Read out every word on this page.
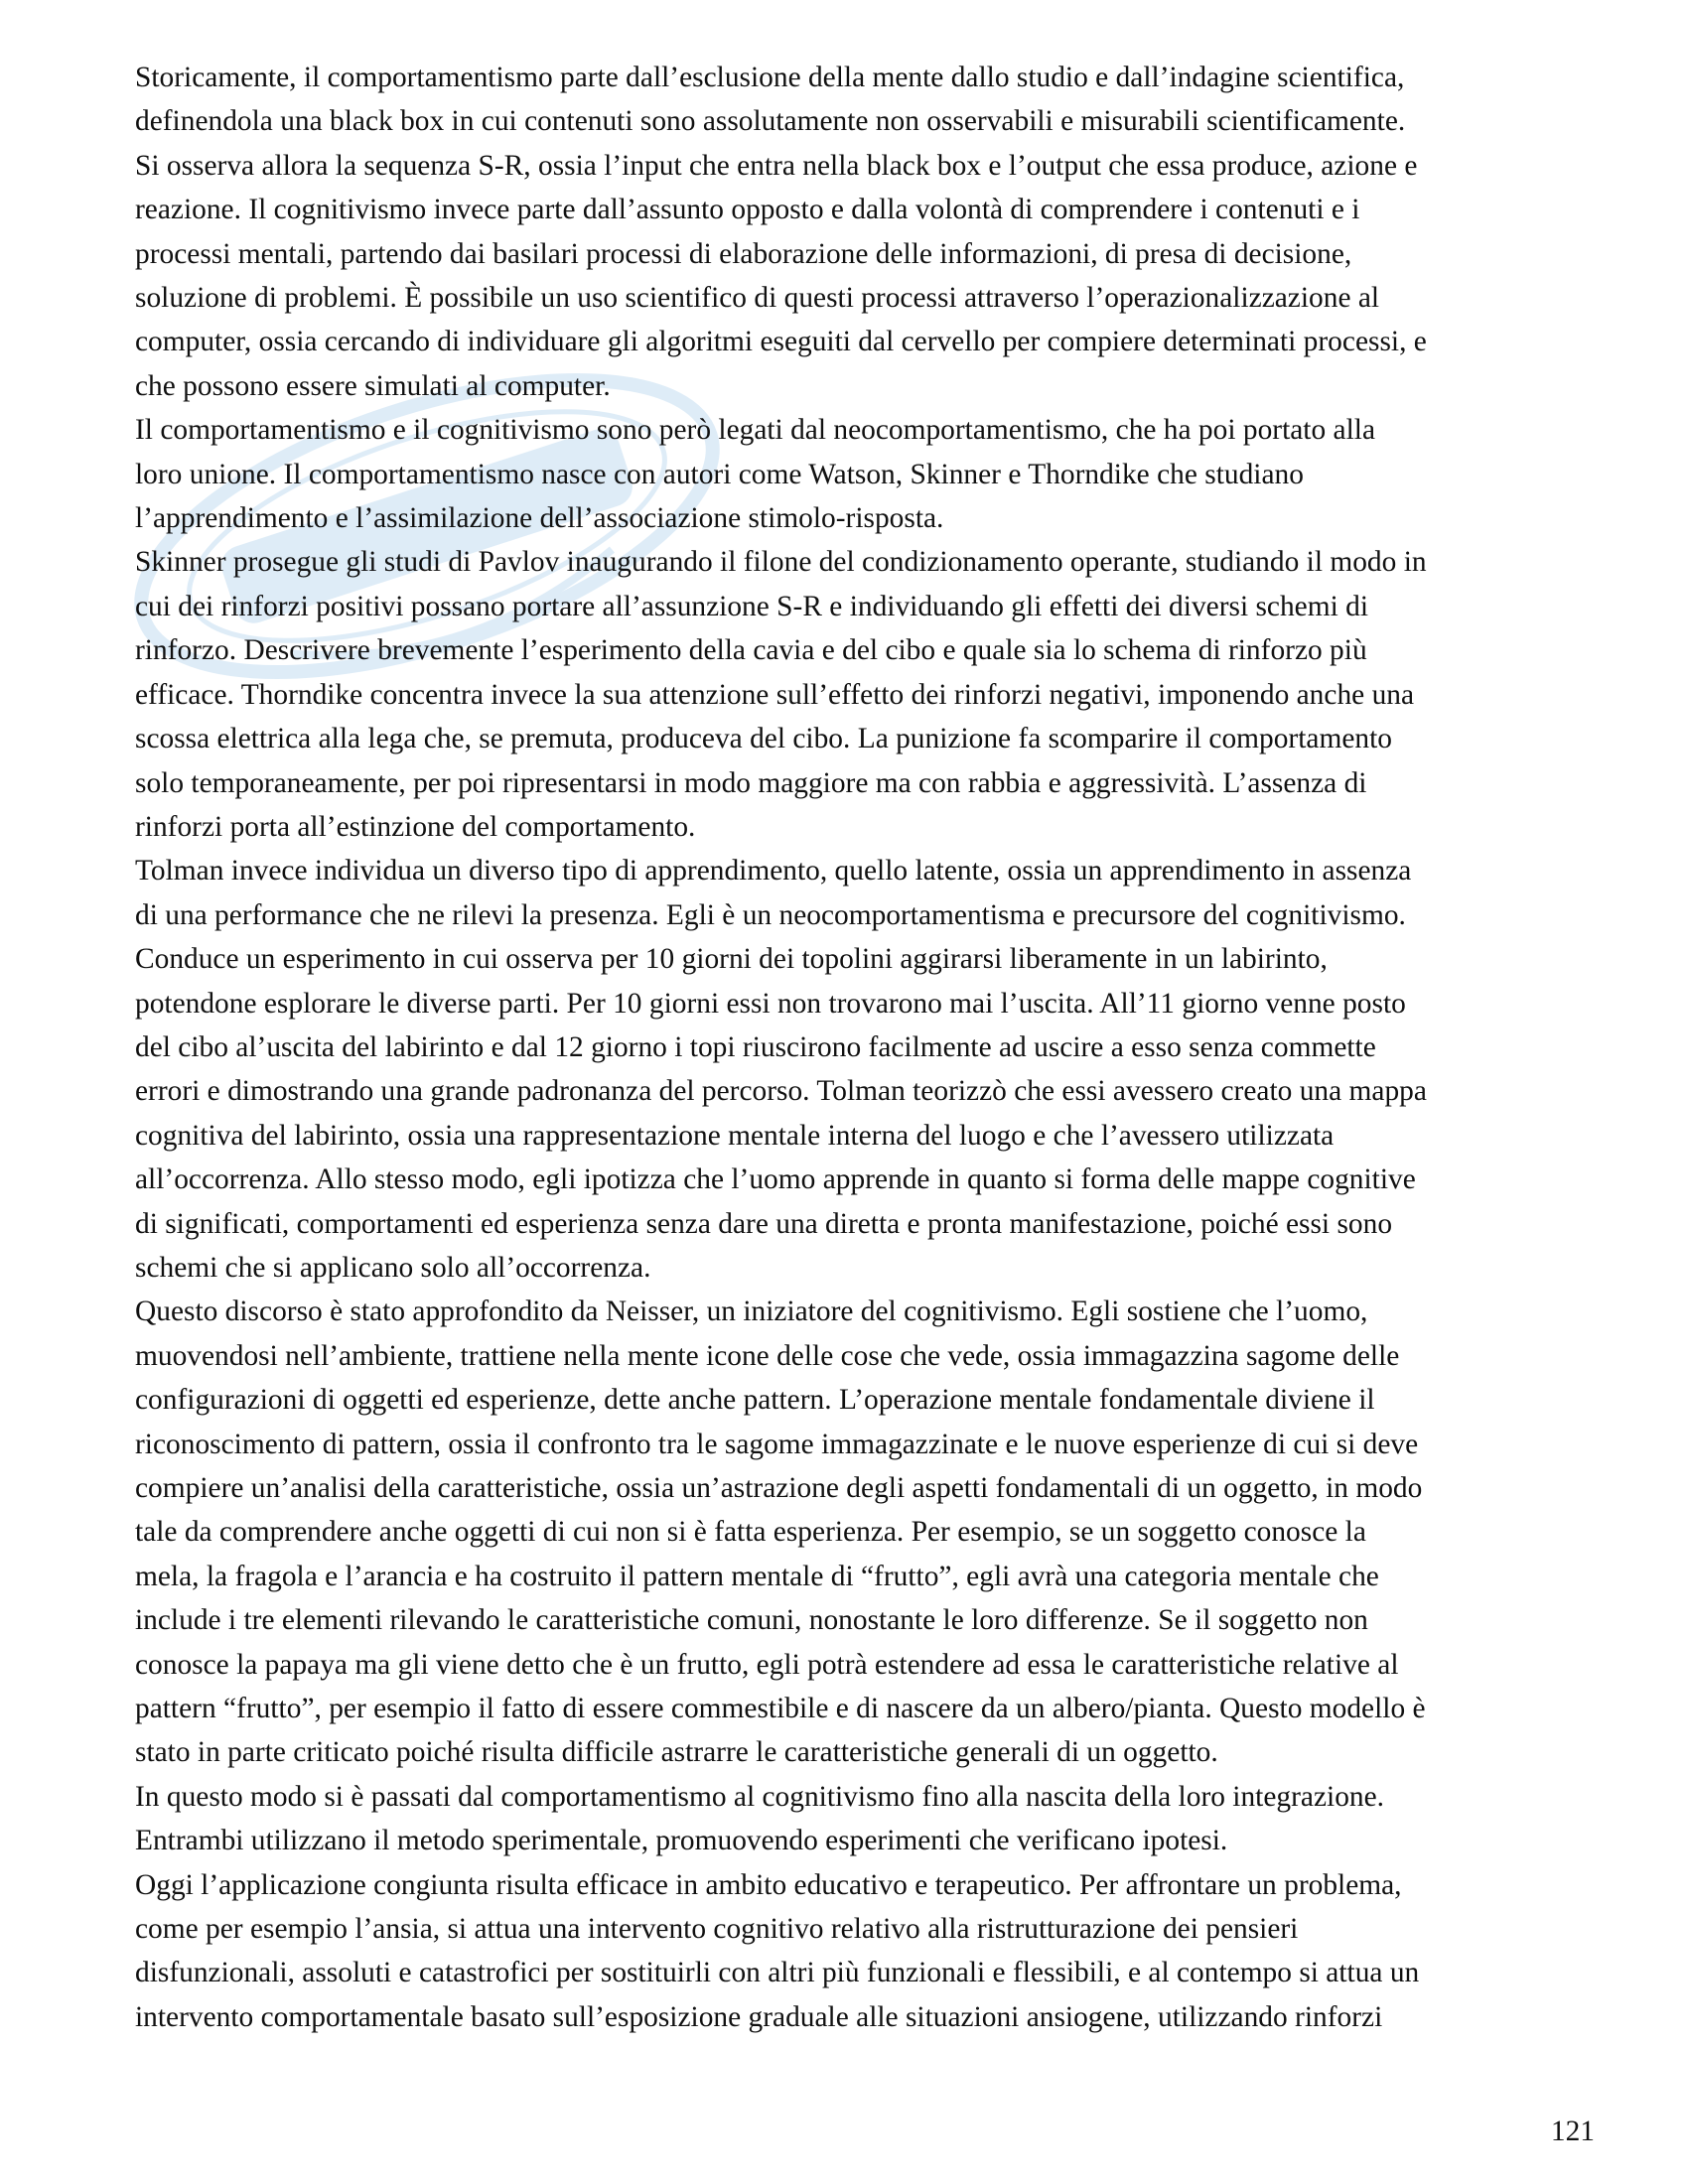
Storicamente, il comportamentismo parte dall’esclusione della mente dallo studio e dall’indagine scientifica,

definendola una black box in cui contenuti sono assolutamente non osservabili e misurabili scientificamente.

Si osserva allora la sequenza S-R, ossia l’input che entra nella black box e l’output che essa produce, azione e

reazione. Il cognitivismo invece parte dall’assunto opposto e dalla volontà di comprendere i contenuti e i

processi mentali, partendo dai basilari processi di elaborazione delle informazioni, di presa di decisione,

soluzione di problemi. È possibile un uso scientifico di questi processi attraverso l’operazionalizzazione al

computer, ossia cercando di individuare gli algoritmi eseguiti dal cervello per compiere determinati processi, e

che possono essere simulati al computer.

Il comportamentismo e il cognitivismo sono però legati dal neocomportamentismo, che ha poi portato alla

loro unione. Il comportamentismo nasce con autori come Watson, Skinner e Thorndike che studiano

l’apprendimento e l’assimilazione dell’associazione stimolo-risposta.

Skinner prosegue gli studi di Pavlov inaugurando il filone del condizionamento operante, studiando il modo in

cui dei rinforzi positivi possano portare all’assunzione S-R e individuando gli effetti dei diversi schemi di

rinforzo. Descrivere brevemente l’esperimento della cavia e del cibo e quale sia lo schema di rinforzo più

efficace. Thorndike concentra invece la sua attenzione sull’effetto dei rinforzi negativi, imponendo anche una

scossa elettrica alla lega che, se premuta, produceva del cibo. La punizione fa scomparire il comportamento

solo temporaneamente, per poi ripresentarsi in modo maggiore ma con rabbia e aggressività. L’assenza di

rinforzi porta all’estinzione del comportamento.

Tolman invece individua un diverso tipo di apprendimento, quello latente, ossia un apprendimento in assenza

di una performance che ne rilevi la presenza. Egli è un neocomportamentisma e precursore del cognitivismo.

Conduce un esperimento in cui osserva per 10 giorni dei topolini aggirarsi liberamente in un labirinto,

potendone esplorare le diverse parti. Per 10 giorni essi non trovarono mai l’uscita. All’11 giorno venne posto

del cibo al’uscita del labirinto e dal 12 giorno i topi riuscirono facilmente ad uscire a esso senza commette

errori e dimostrando una grande padronanza del percorso. Tolman teorizzò che essi avessero creato una mappa

cognitiva del labirinto, ossia una rappresentazione mentale interna del luogo e che l’avessero utilizzata

all’occorrenza. Allo stesso modo, egli ipotizza che l’uomo apprende in quanto si forma delle mappe cognitive

di significati, comportamenti ed esperienza senza dare una diretta e pronta manifestazione, poiché essi sono

schemi che si applicano solo all’occorrenza.

Questo discorso è stato approfondito da Neisser, un iniziatore del cognitivismo. Egli sostiene che l’uomo,

muovendosi nell’ambiente, trattiene nella mente icone delle cose che vede, ossia immagazzina sagome delle

configurazioni di oggetti ed esperienze, dette anche pattern. L’operazione mentale fondamentale diviene il

riconoscimento di pattern, ossia il confronto tra le sagome immagazzinate e le nuove esperienze di cui si deve

compiere un’analisi della caratteristiche, ossia un’astrazione degli aspetti fondamentali di un oggetto, in modo

tale da comprendere anche oggetti di cui non si è fatta esperienza. Per esempio, se un soggetto conosce la

mela, la fragola e l’arancia e ha costruito il pattern mentale di “frutto”, egli avrà una categoria mentale che

include i tre elementi rilevando le caratteristiche comuni, nonostante le loro differenze. Se il soggetto non

conosce la papaya ma gli viene detto che è un frutto, egli potrà estendere ad essa le caratteristiche relative al

pattern “frutto”, per esempio il fatto di essere commestibile e di nascere da un albero/pianta. Questo modello è

stato in parte criticato poiché risulta difficile astrarre le caratteristiche generali di un oggetto.

In questo modo si è passati dal comportamentismo al cognitivismo fino alla nascita della loro integrazione.

Entrambi utilizzano il metodo sperimentale, promuovendo esperimenti che verificano ipotesi.

Oggi l’applicazione congiunta risulta efficace in ambito educativo e terapeutico. Per affrontare un problema,

come per esempio l’ansia, si attua una intervento cognitivo relativo alla ristrutturazione dei pensieri

disfunzionali, assoluti e catastrofici per sostituirli con altri più funzionali e flessibili, e al contempo si attua un

intervento comportamentale basato sull’esposizione graduale alle situazioni ansiogene, utilizzando rinforzi

121
